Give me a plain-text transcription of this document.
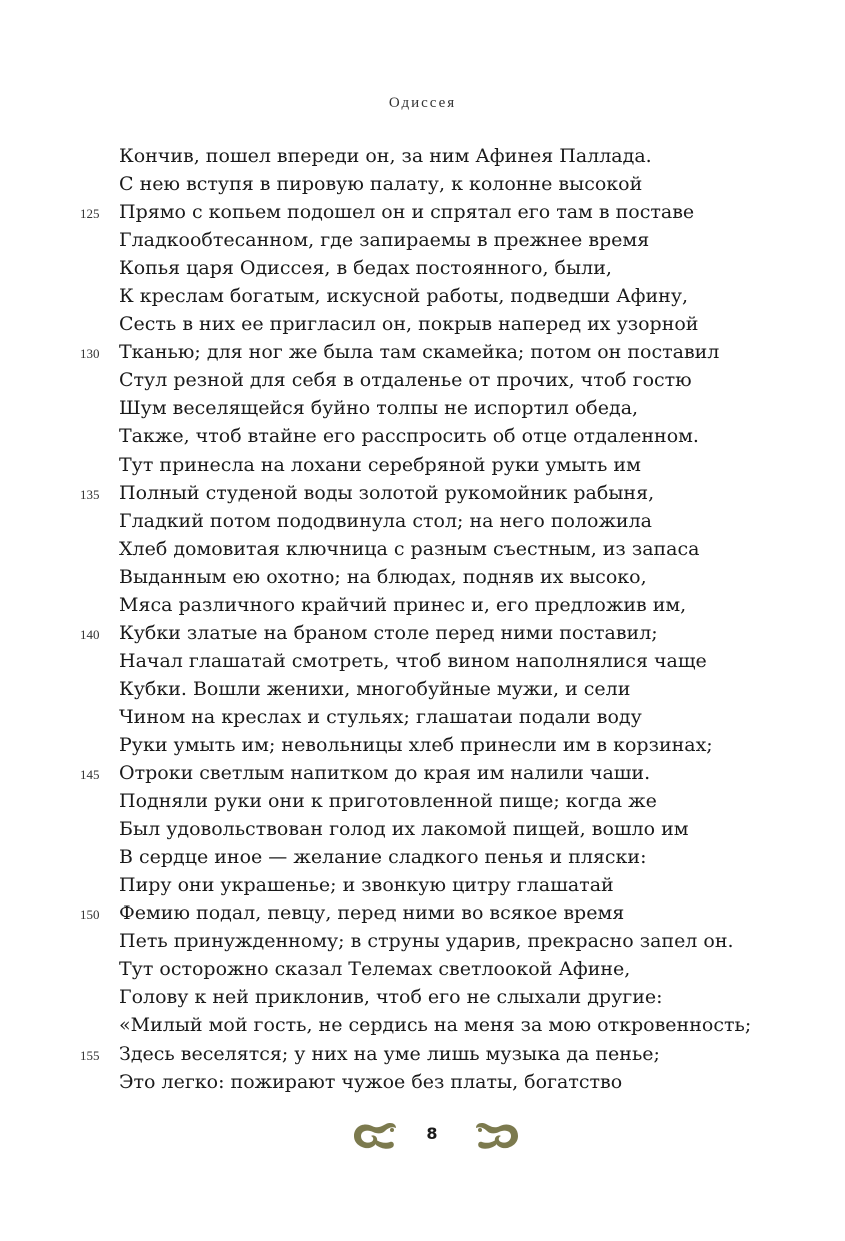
Одиссея
Кончив, пошел впереди он, за ним Афинея Паллада.
С нею вступя в пировую палату, к колонне высокой
125	Прямо с копьем подошел он и спрятал его там в поставе
Гладкообтесанном, где запираемы в прежнее время
Копья царя Одиссея, в бедах постоянного, были,
К креслам богатым, искусной работы, подведши Афину,
Сесть в них ее пригласил он, покрыв наперед их узорной
130	Тканью; для ног же была там скамейка; потом он поставил
Стул резной для себя в отдаленье от прочих, чтоб гостю
Шум веселящейся буйно толпы не испортил обеда,
Также, чтоб втайне его расспросить об отце отдаленном.
Тут принесла на лохани серебряной руки умыть им
135	Полный студеной воды золотой рукомойник рабыня,
Гладкий потом пододвинула стол; на него положила
Хлеб домовитая ключница с разным съестным, из запаса
Выданным ею охотно; на блюдах, подняв их высоко,
Мяса различного крайчий принес и, его предложив им,
140	Кубки златые на браном столе перед ними поставил;
Начал глашатай смотреть, чтоб вином наполнялися чаще
Кубки. Вошли женихи, многобуйные мужи, и сели
Чином на креслах и стульях; глашатаи подали воду
Руки умыть им; невольницы хлеб принесли им в корзинах;
145	Отроки светлым напитком до края им налили чаши.
Подняли руки они к приготовленной пище; когда же
Был удовольствован голод их лакомой пищей, вошло им
В сердце иное — желание сладкого пенья и пляски:
Пиру они украшенье; и звонкую цитру глашатай
150	Фемию подал, певцу, перед ними во всякое время
Петь принужденному; в струны ударив, прекрасно запел он.
Тут осторожно сказал Телемах светлоокой Афине,
Голову к ней приклонив, чтоб его не слыхали другие:
«Милый мой гость, не сердись на меня за мою откровенность;
155	Здесь веселятся; у них на уме лишь музыка да пенье;
Это легко: пожирают чужое без платы, богатство
8
